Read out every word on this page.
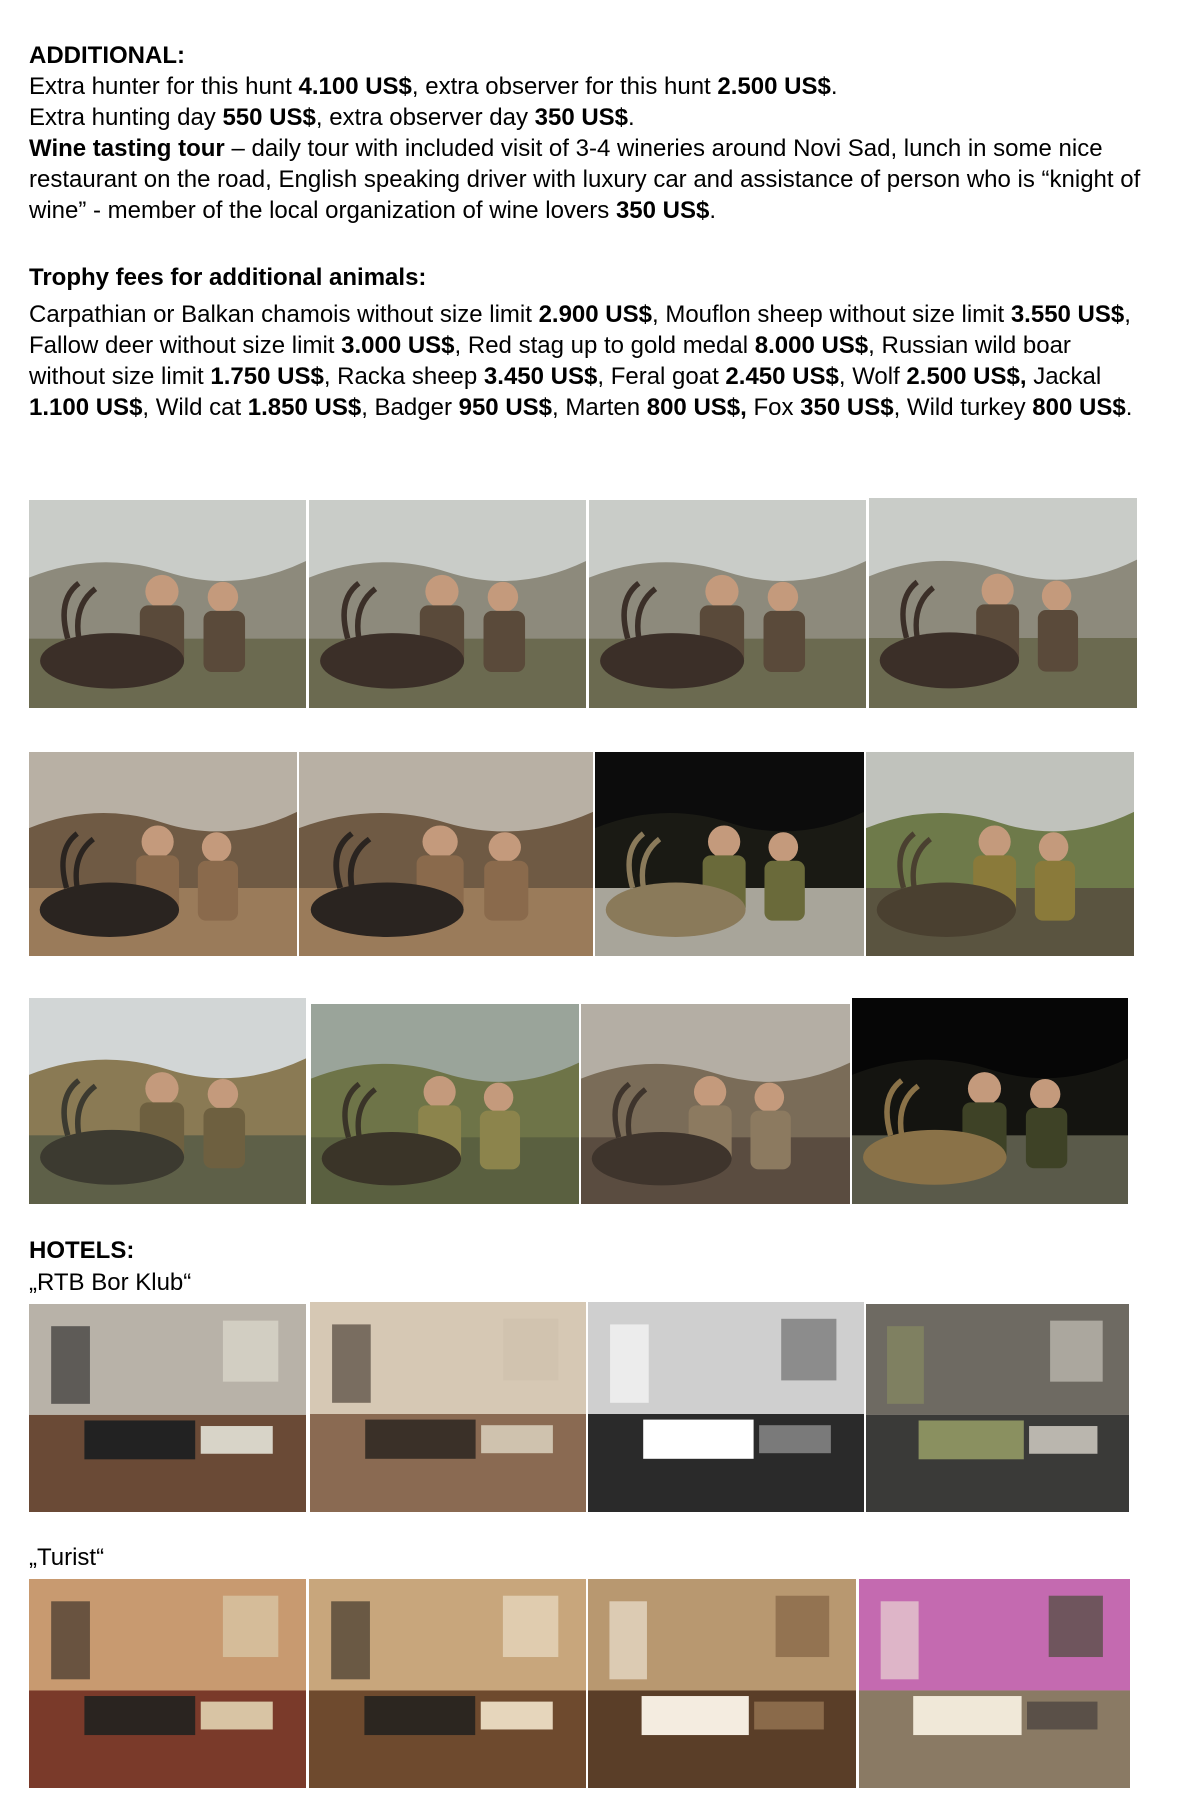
ADDITIONAL:

Extra hunter for this hunt 4.100 US$, extra observer for this hunt 2.500 US$.

Extra hunting day 550 US$, extra observer day 350 US$.

Wine tasting tour – daily tour with included visit of 3-4 wineries around Novi Sad, lunch in some nice restaurant on the road, English speaking driver with luxury car and assistance of person who is “knight of wine” - member of the local organization of wine lovers 350 US$.

Trophy fees for additional animals:

Carpathian or Balkan chamois without size limit 2.900 US$, Mouflon sheep without size limit 3.550 US$, Fallow deer without size limit 3.000 US$, Red stag up to gold medal 8.000 US$, Russian wild boar without size limit 1.750 US$, Racka sheep 3.450 US$, Feral goat 2.450 US$, Wolf 2.500 US$, Jackal 1.100 US$, Wild cat 1.850 US$, Badger 950 US$, Marten 800 US$, Fox 350 US$, Wild turkey 800 US$.

HOTELS:
„RTB Bor Klub“
„Turist“
